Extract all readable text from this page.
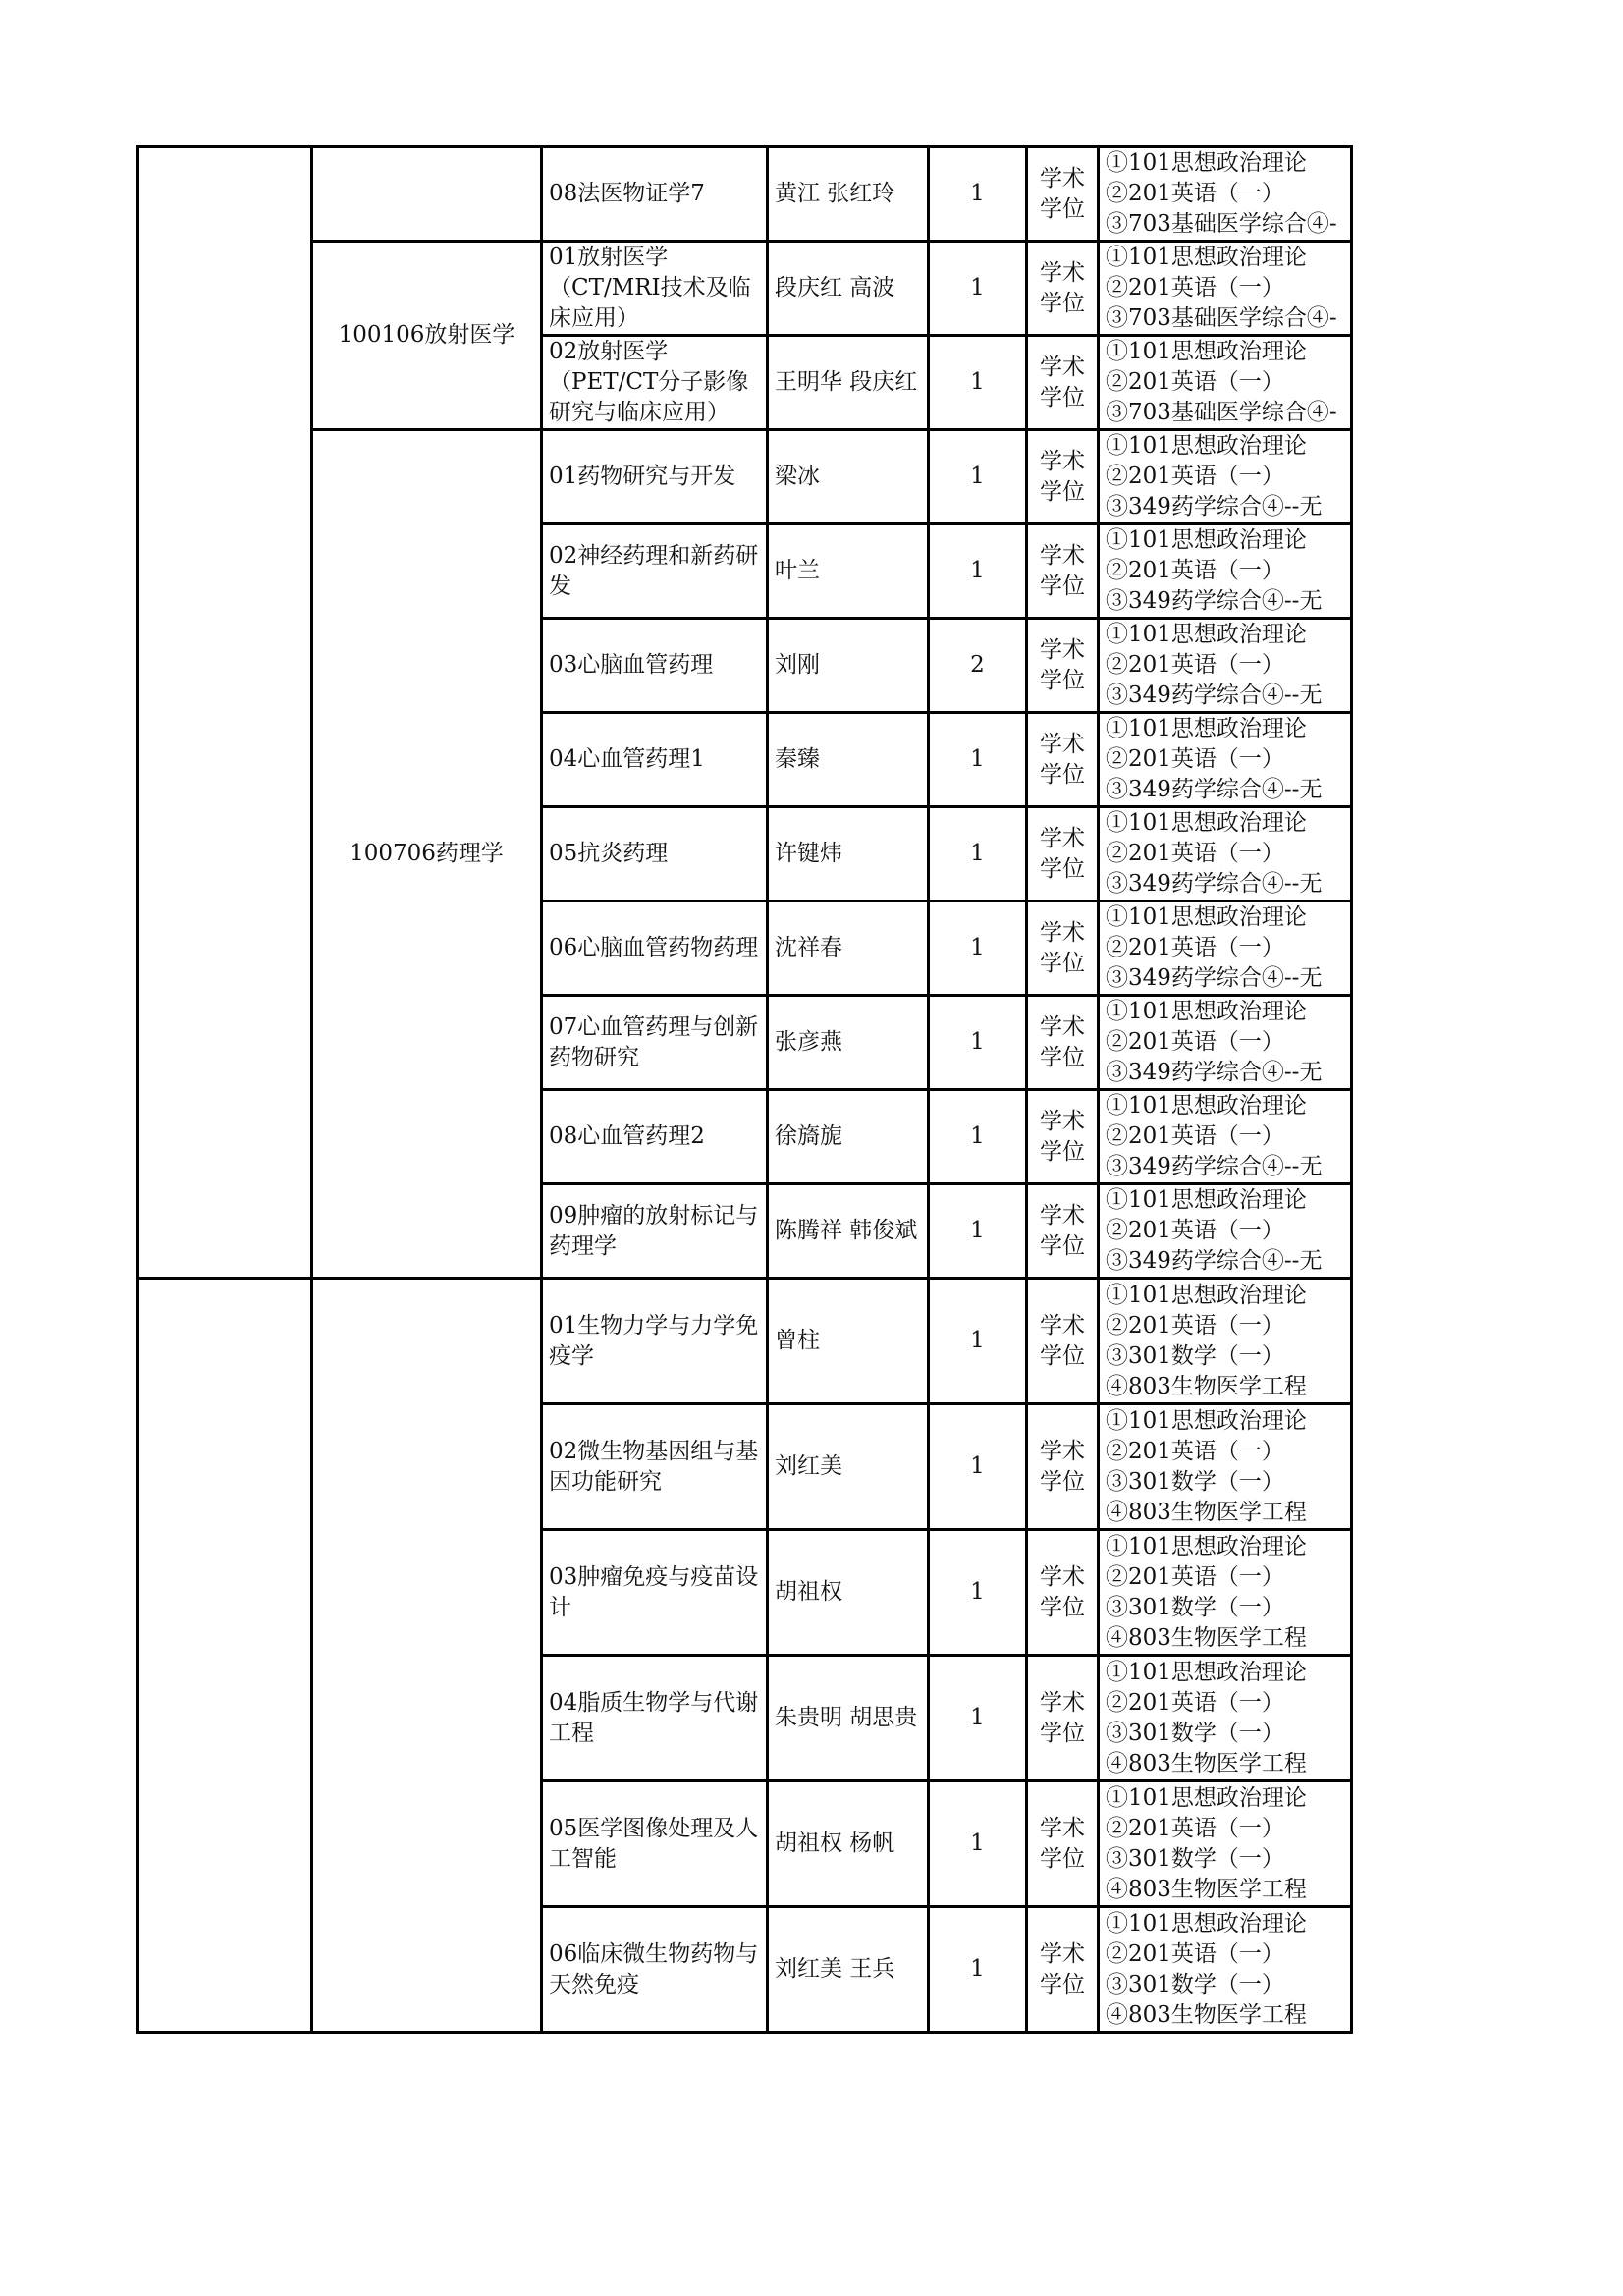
		08法医物证学7	黄江 张红玲	1	学术学位	①101思想政治理论②201英语（一）③703基础医学综合④-

	100106放射医学	01放射医学（CT/MRI技术及临床应用）	段庆红 高波	1	学术学位	①101思想政治理论②201英语（一）③703基础医学综合④-

		02放射医学（PET/CT分子影像研究与临床应用）	王明华 段庆红	1	学术学位	①101思想政治理论②201英语（一）③703基础医学综合④-

	100706药理学	01药物研究与开发	梁冰	1	学术学位	①101思想政治理论②201英语（一）③349药学综合④--无

		02神经药理和新药研发	叶兰	1	学术学位	①101思想政治理论②201英语（一）③349药学综合④--无

		03心脑血管药理	刘刚	2	学术学位	①101思想政治理论②201英语（一）③349药学综合④--无

		04心血管药理1	秦臻	1	学术学位	①101思想政治理论②201英语（一）③349药学综合④--无

		05抗炎药理	许键炜	1	学术学位	①101思想政治理论②201英语（一）③349药学综合④--无

		06心脑血管药物药理	沈祥春	1	学术学位	①101思想政治理论②201英语（一）③349药学综合④--无

		07心血管药理与创新药物研究	张彦燕	1	学术学位	①101思想政治理论②201英语（一）③349药学综合④--无

		08心血管药理2	徐旖旎	1	学术学位	①101思想政治理论②201英语（一）③349药学综合④--无

		09肿瘤的放射标记与药理学	陈腾祥 韩俊斌	1	学术学位	①101思想政治理论②201英语（一）③349药学综合④--无

		01生物力学与力学免疫学	曾柱	1	学术学位	①101思想政治理论②201英语（一）③301数学（一）④803生物医学工程

		02微生物基因组与基因功能研究	刘红美	1	学术学位	①101思想政治理论②201英语（一）③301数学（一）④803生物医学工程

		03肿瘤免疫与疫苗设计	胡祖权	1	学术学位	①101思想政治理论②201英语（一）③301数学（一）④803生物医学工程

		04脂质生物学与代谢工程	朱贵明 胡思贵	1	学术学位	①101思想政治理论②201英语（一）③301数学（一）④803生物医学工程

		05医学图像处理及人工智能	胡祖权 杨帆	1	学术学位	①101思想政治理论②201英语（一）③301数学（一）④803生物医学工程

		06临床微生物药物与天然免疫	刘红美 王兵	1	学术学位	①101思想政治理论②201英语（一）③301数学（一）④803生物医学工程
